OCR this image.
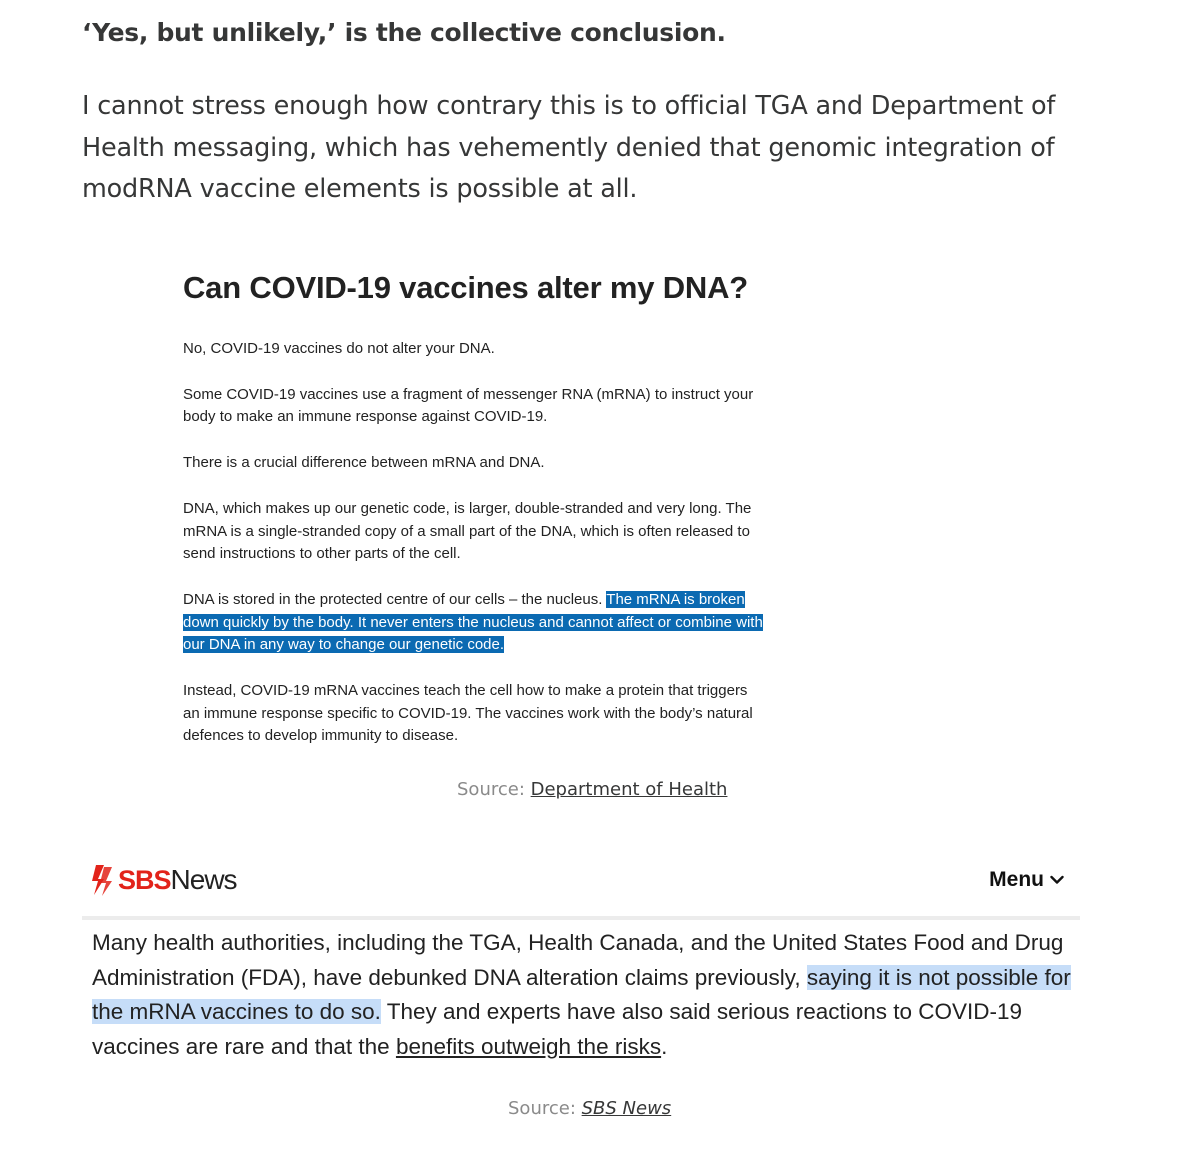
‘Yes, but unlikely,’ is the collective conclusion.

I cannot stress enough how contrary this is to official TGA and Department of Health messaging, which has vehemently denied that genomic integration of modRNA vaccine elements is possible at all.

Can COVID-19 vaccines alter my DNA?

No, COVID-19 vaccines do not alter your DNA.

Some COVID-19 vaccines use a fragment of messenger RNA (mRNA) to instruct your body to make an immune response against COVID-19.

There is a crucial difference between mRNA and DNA.

DNA, which makes up our genetic code, is larger, double-stranded and very long. The mRNA is a single-stranded copy of a small part of the DNA, which is often released to send instructions to other parts of the cell.

DNA is stored in the protected centre of our cells – the nucleus. The mRNA is broken down quickly by the body. It never enters the nucleus and cannot affect or combine with our DNA in any way to change our genetic code.

Instead, COVID-19 mRNA vaccines teach the cell how to make a protein that triggers an immune response specific to COVID-19. The vaccines work with the body’s natural defences to develop immunity to disease.

Source: Department of Health
SBS News	Menu

Many health authorities, including the TGA, Health Canada, and the United States Food and Drug Administration (FDA), have debunked DNA alteration claims previously, saying it is not possible for the mRNA vaccines to do so. They and experts have also said serious reactions to COVID-19 vaccines are rare and that the benefits outweigh the risks.

Source: SBS News
